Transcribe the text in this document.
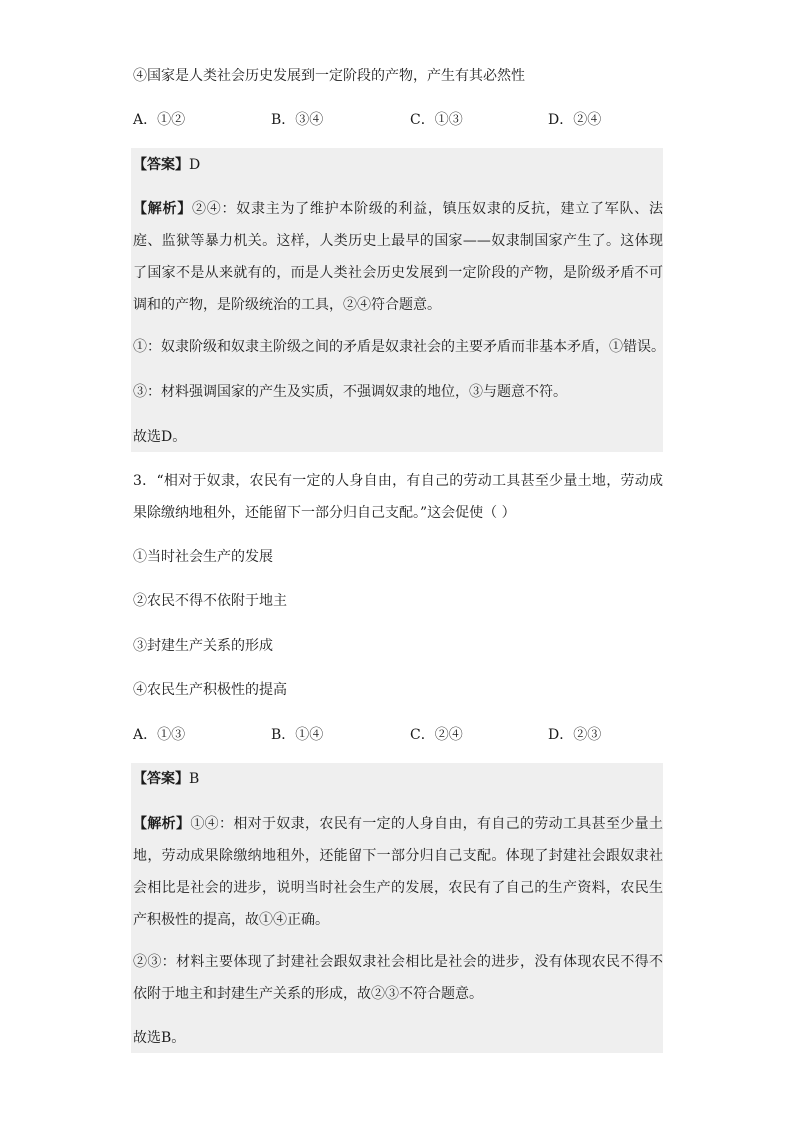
④国家是人类社会历史发展到一定阶段的产物，产生有其必然性
A．①②	B．③④	C．①③	D．②④
【答案】D
【解析】②④：奴隶主为了维护本阶级的利益，镇压奴隶的反抗，建立了军队、法庭、监狱等暴力机关。这样，人类历史上最早的国家——奴隶制国家产生了。这体现了国家不是从来就有的，而是人类社会历史发展到一定阶段的产物，是阶级矛盾不可调和的产物，是阶级统治的工具，②④符合题意。
①：奴隶阶级和奴隶主阶级之间的矛盾是奴隶社会的主要矛盾而非基本矛盾，①错误。
③：材料强调国家的产生及实质，不强调奴隶的地位，③与题意不符。
故选D。
3．“相对于奴隶，农民有一定的人身自由，有自己的劳动工具甚至少量土地，劳动成果除缴纳地租外，还能留下一部分归自己支配。”这会促使（ ）
①当时社会生产的发展
②农民不得不依附于地主
③封建生产关系的形成
④农民生产积极性的提高
A．①③	B．①④	C．②④	D．②③
【答案】B
【解析】①④：相对于奴隶，农民有一定的人身自由，有自己的劳动工具甚至少量土地，劳动成果除缴纳地租外，还能留下一部分归自己支配。体现了封建社会跟奴隶社会相比是社会的进步，说明当时社会生产的发展，农民有了自己的生产资料，农民生产积极性的提高，故①④正确。
②③：材料主要体现了封建社会跟奴隶社会相比是社会的进步，没有体现农民不得不依附于地主和封建生产关系的形成，故②③不符合题意。
故选B。
